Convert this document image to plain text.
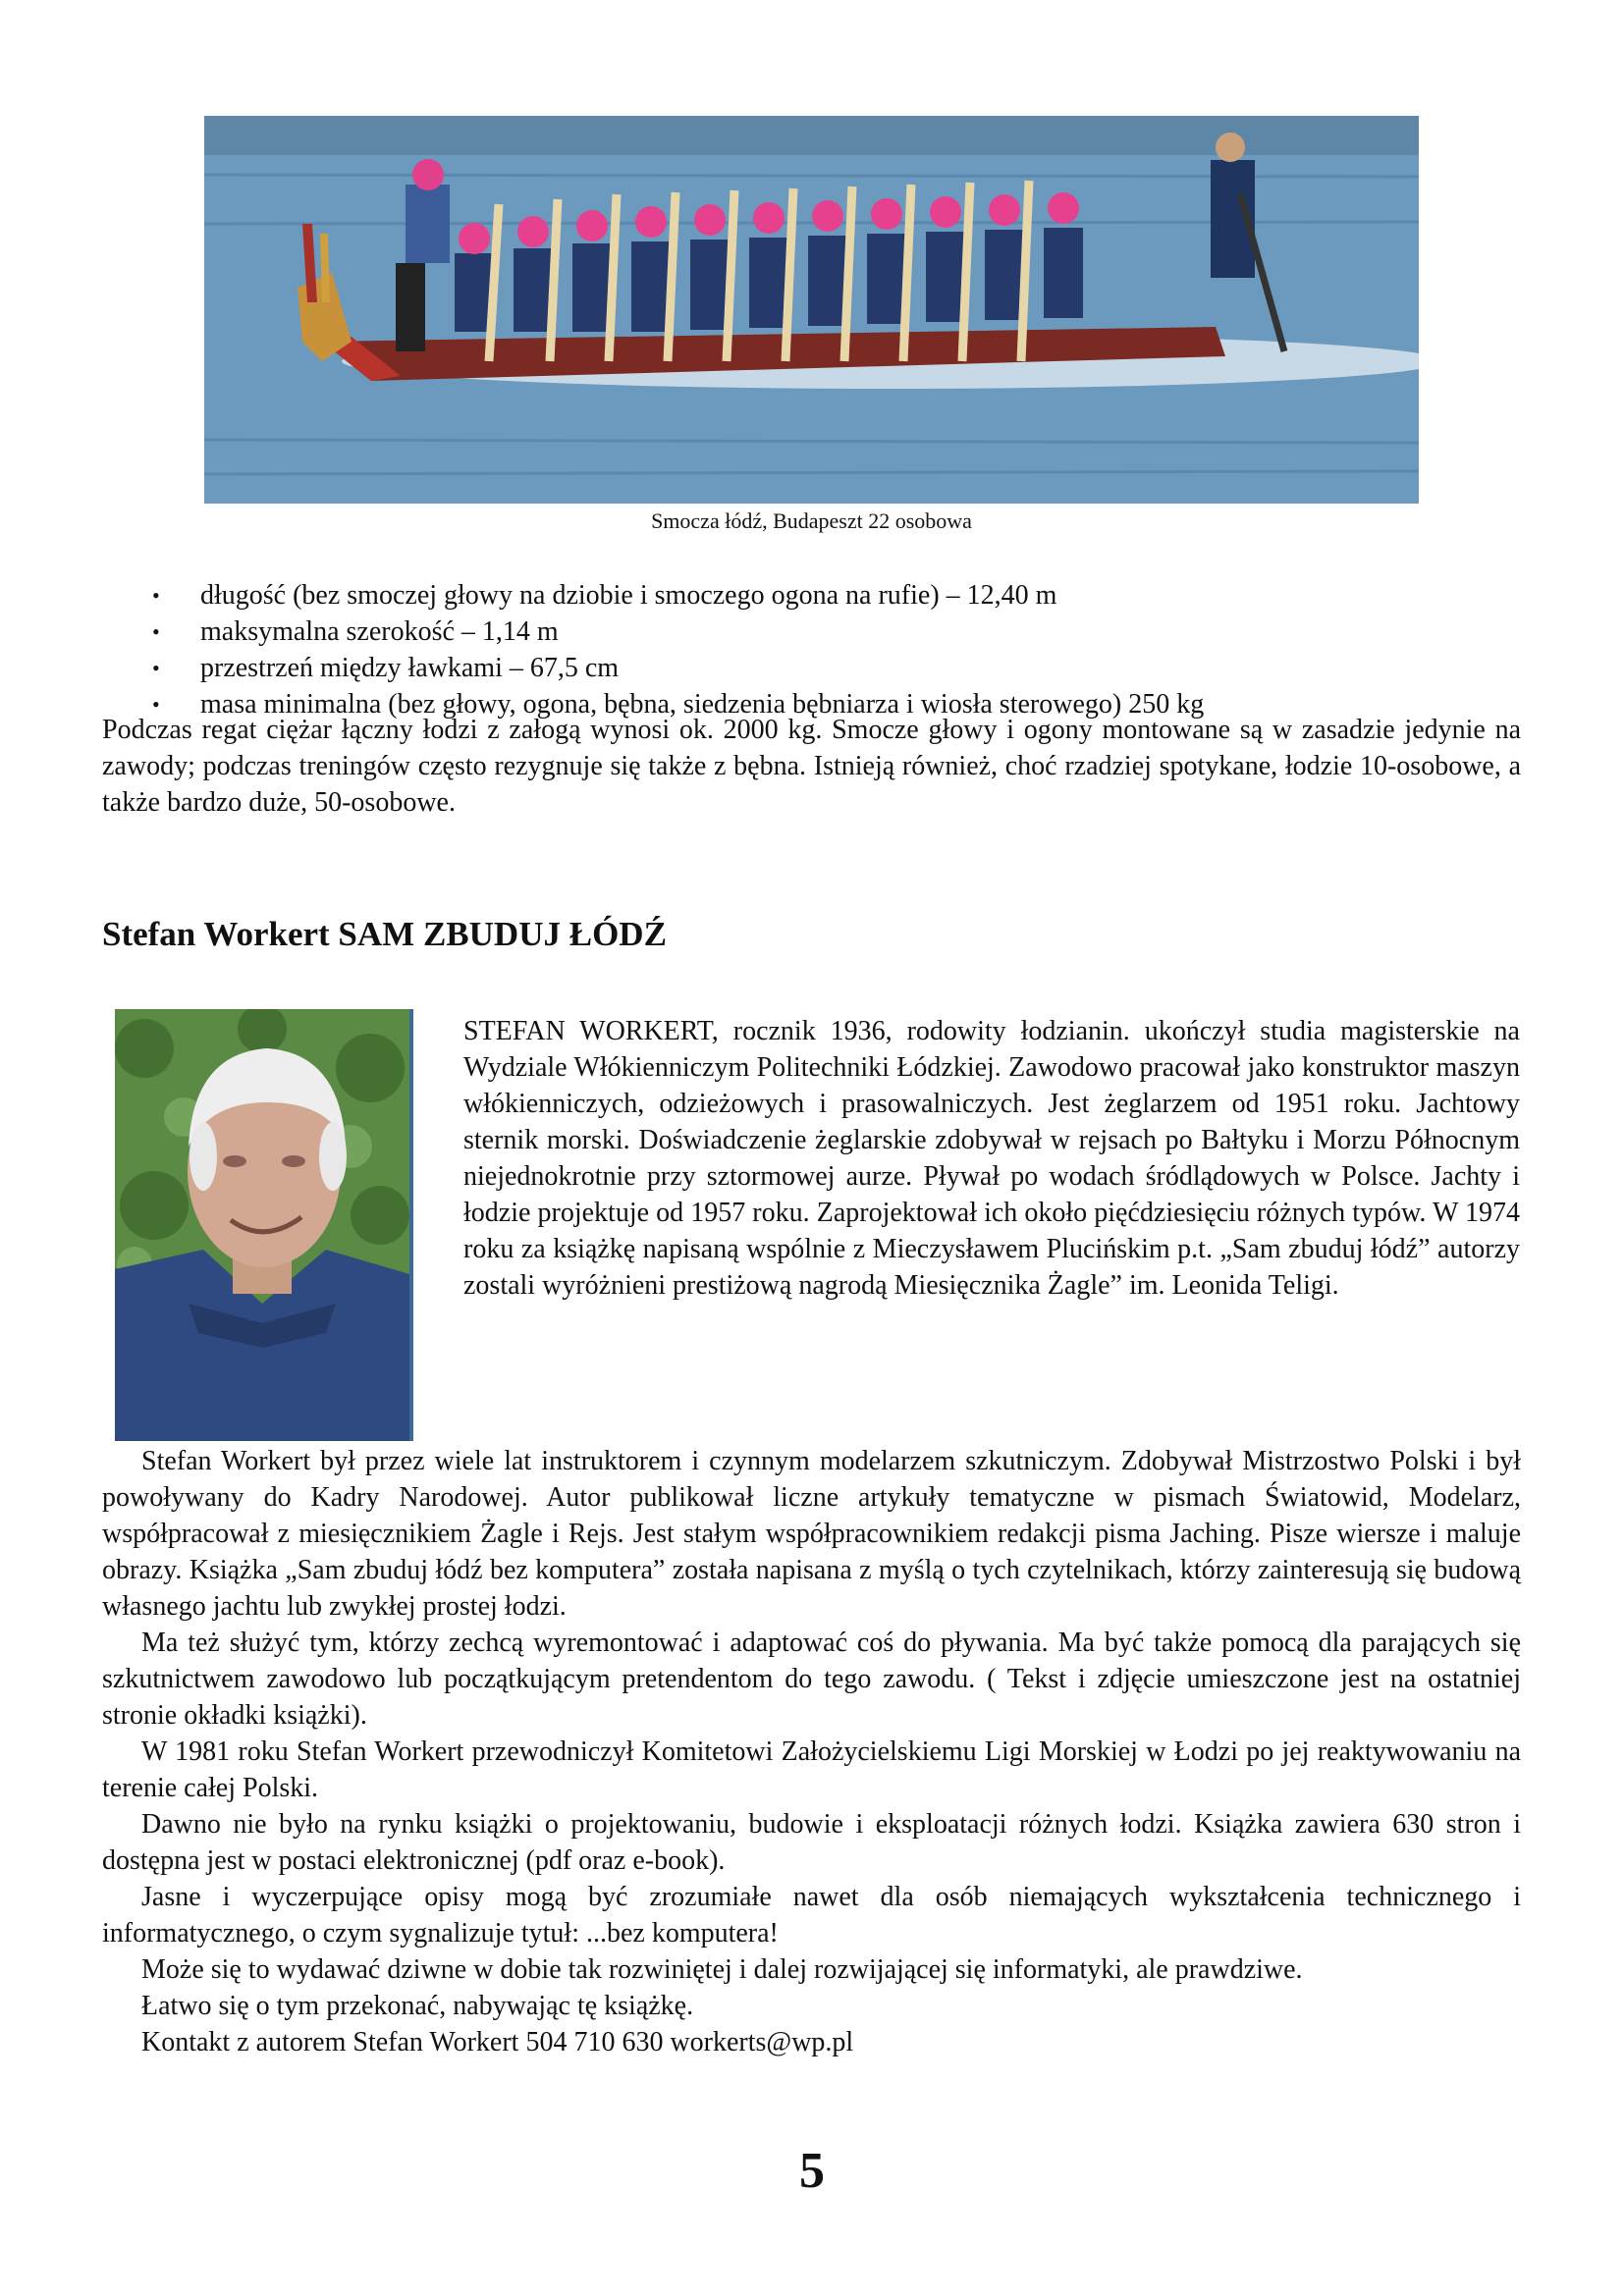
Smocza łódź, Budapeszt 22 osobowa
• długość (bez smoczej głowy na dziobie i smoczego ogona na rufie) – 12,40 m
• maksymalna szerokość – 1,14 m
• przestrzeń między ławkami – 67,5 cm
• masa minimalna (bez głowy, ogona, bębna, siedzenia bębniarza i wiosła sterowego) 250 kg

Podczas regat ciężar łączny łodzi z załogą wynosi ok. 2000 kg. Smocze głowy i ogony montowane są w zasadzie jedynie na zawody; podczas treningów często rezygnuje się także z bębna. Istnieją również, choć rzadziej spotykane, łodzie 10-osobowe, a także bardzo duże, 50-osobowe.

Stefan Workert SAM ZBUDUJ ŁÓDŹ

STEFAN WORKERT, rocznik 1936, rodowity łodzianin. ukończył studia magisterskie na Wydziale Włókienniczym Politechniki Łódzkiej. Zawodowo pracował jako konstruktor maszyn włókienniczych, odzieżowych i prasowalniczych. Jest żeglarzem od 1951 roku. Jachtowy sternik morski. Doświadczenie żeglarskie zdobywał w rejsach po Bałtyku i Morzu Północnym niejednokrotnie przy sztormowej aurze. Pływał po wodach śródlądowych w Polsce. Jachty i łodzie projektuje od 1957 roku. Zaprojektował ich około pięćdziesięciu różnych typów. W 1974 roku za książkę napisaną wspólnie z Mieczysławem Plucińskim p.t. „Sam zbuduj łódź” autorzy zostali wyróżnieni prestiżową nagrodą Miesięcznika Żagle” im. Leonida Teligi.

Stefan Workert był przez wiele lat instruktorem i czynnym modelarzem szkutniczym. Zdobywał Mistrzostwo Polski i był powoływany do Kadry Narodowej. Autor publikował liczne artykuły tematyczne w pismach Światowid, Modelarz, współpracował z miesięcznikiem Żagle i Rejs. Jest stałym współpracownikiem redakcji pisma Jaching. Pisze wiersze i maluje obrazy. Książka „Sam zbuduj łódź bez komputera” została napisana z myślą o tych czytelnikach, którzy zainteresują się budową własnego jachtu lub zwykłej prostej łodzi.

Ma też służyć tym, którzy zechcą wyremontować i adaptować coś do pływania. Ma być także pomocą dla parających się szkutnictwem zawodowo lub początkującym pretendentom do tego zawodu. ( Tekst i zdjęcie umieszczone jest na ostatniej stronie okładki książki).

W 1981 roku Stefan Workert przewodniczył Komitetowi Założycielskiemu Ligi Morskiej w Łodzi po jej reaktywowaniu na terenie całej Polski.

Dawno nie było na rynku książki o projektowaniu, budowie i eksploatacji różnych łodzi. Książka zawiera 630 stron i dostępna jest w postaci elektronicznej (pdf oraz e-book).

Jasne i wyczerpujące opisy mogą być zrozumiałe nawet dla osób niemających wykształcenia technicznego i informatycznego, o czym sygnalizuje tytuł: ...bez komputera!

Może się to wydawać dziwne w dobie tak rozwiniętej i dalej rozwijającej się informatyki, ale prawdziwe.

Łatwo się o tym przekonać, nabywając tę książkę.

Kontakt z autorem Stefan Workert 504 710 630 workerts@wp.pl

5
